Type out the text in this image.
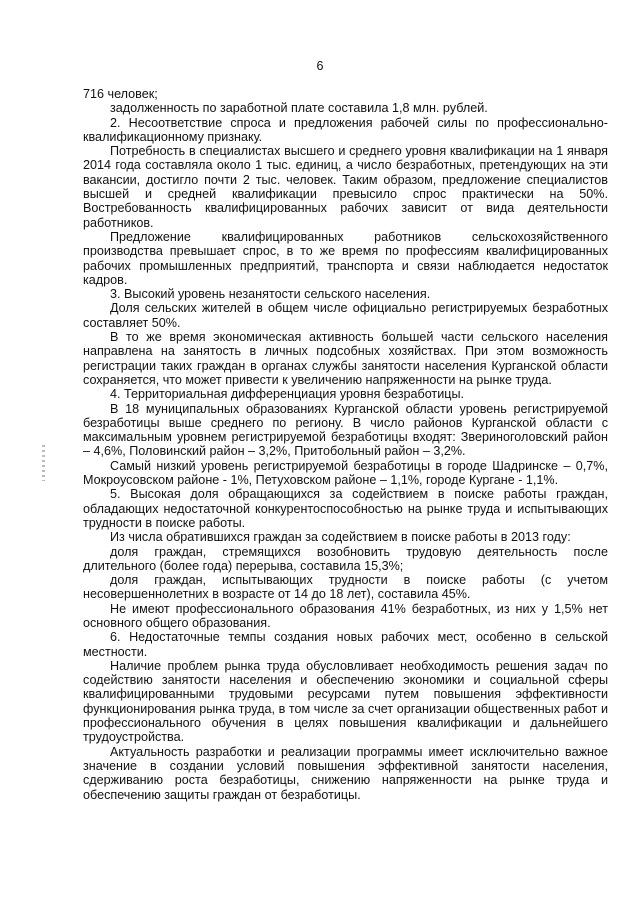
6

716 человек;

задолженность по заработной плате составила 1,8 млн. рублей.

2. Несоответствие спроса и предложения рабочей силы по профессионально-квалификационному признаку.

Потребность в специалистах высшего и среднего уровня квалификации на 1 января 2014 года составляла около 1 тыс. единиц, а число безработных, претендующих на эти вакансии, достигло почти 2 тыс. человек. Таким образом, предложение специалистов высшей и средней квалификации превысило спрос практически на 50%. Востребованность квалифицированных рабочих зависит от вида деятельности работников.

Предложение квалифицированных работников сельскохозяйственного производства превышает спрос, в то же время по профессиям квалифицированных рабочих промышленных предприятий, транспорта и связи наблюдается недостаток кадров.

3. Высокий уровень незанятости сельского населения.

Доля сельских жителей в общем числе официально регистрируемых безработных составляет 50%.

В то же время экономическая активность большей части сельского населения направлена на занятость в личных подсобных хозяйствах. При этом возможность регистрации таких граждан в органах службы занятости населения Курганской области сохраняется, что может привести к увеличению напряженности на рынке труда.

4. Территориальная дифференциация уровня безработицы.

В 18 муниципальных образованиях Курганской области уровень регистрируемой безработицы выше среднего по региону. В число районов Курганской области с максимальным уровнем регистрируемой безработицы входят: Звериноголовский район – 4,6%, Половинский район – 3,2%, Притобольный район – 3,2%.

Самый низкий уровень регистрируемой безработицы в городе Шадринске – 0,7%, Мокроусовском районе - 1%, Петуховском районе – 1,1%, городе Кургане - 1,1%.

5. Высокая доля обращающихся за содействием в поиске работы граждан, обладающих недостаточной конкурентоспособностью на рынке труда и испытывающих трудности в поиске работы.

Из числа обратившихся граждан за содействием в поиске работы в 2013 году:

доля граждан, стремящихся возобновить трудовую деятельность после длительного (более года) перерыва, составила 15,3%;

доля граждан, испытывающих трудности в поиске работы (с учетом несовершеннолетних в возрасте от 14 до 18 лет), составила 45%.

Не имеют профессионального образования 41% безработных, из них у 1,5% нет основного общего образования.

6. Недостаточные темпы создания новых рабочих мест, особенно в сельской местности.

Наличие проблем рынка труда обусловливает необходимость решения задач по содействию занятости населения и обеспечению экономики и социальной сферы квалифицированными трудовыми ресурсами путем повышения эффективности функционирования рынка труда, в том числе за счет организации общественных работ и профессионального обучения в целях повышения квалификации и дальнейшего трудоустройства.

Актуальность разработки и реализации программы имеет исключительно важное значение в создании условий повышения эффективной занятости населения, сдерживанию роста безработицы, снижению напряженности на рынке труда и обеспечению защиты граждан от безработицы.
